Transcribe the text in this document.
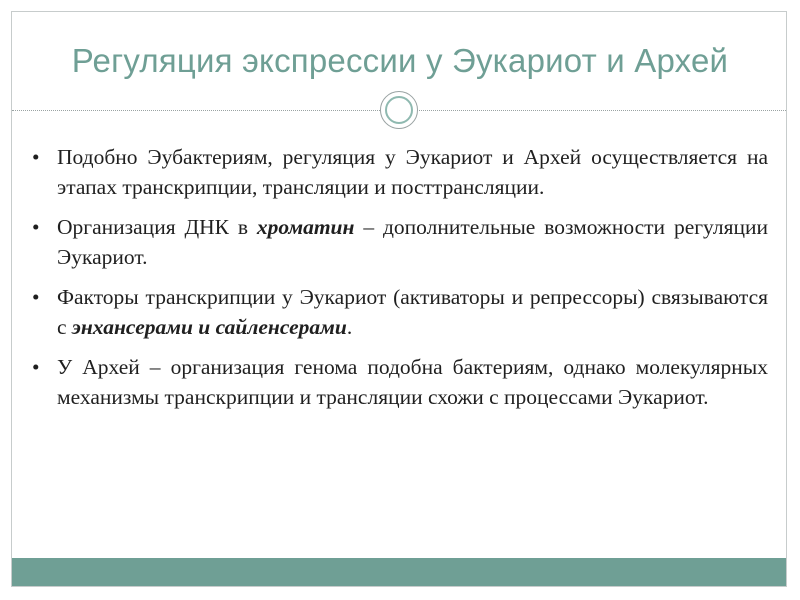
Регуляция экспрессии у Эукариот и Архей
• Подобно Эубактериям, регуляция у Эукариот и Архей осуществляется на этапах транскрипции, трансляции и посттрансляции.
• Организация ДНК в хроматин – дополнительные возможности регуляции Эукариот.
• Факторы транскрипции у Эукариот (активаторы и репрессоры) связываются с энхансерами и сайленсерами.
• У Архей – организация генома подобна бактериям, однако молекулярных механизмы транскрипции и трансляции схожи с процессами Эукариот.
